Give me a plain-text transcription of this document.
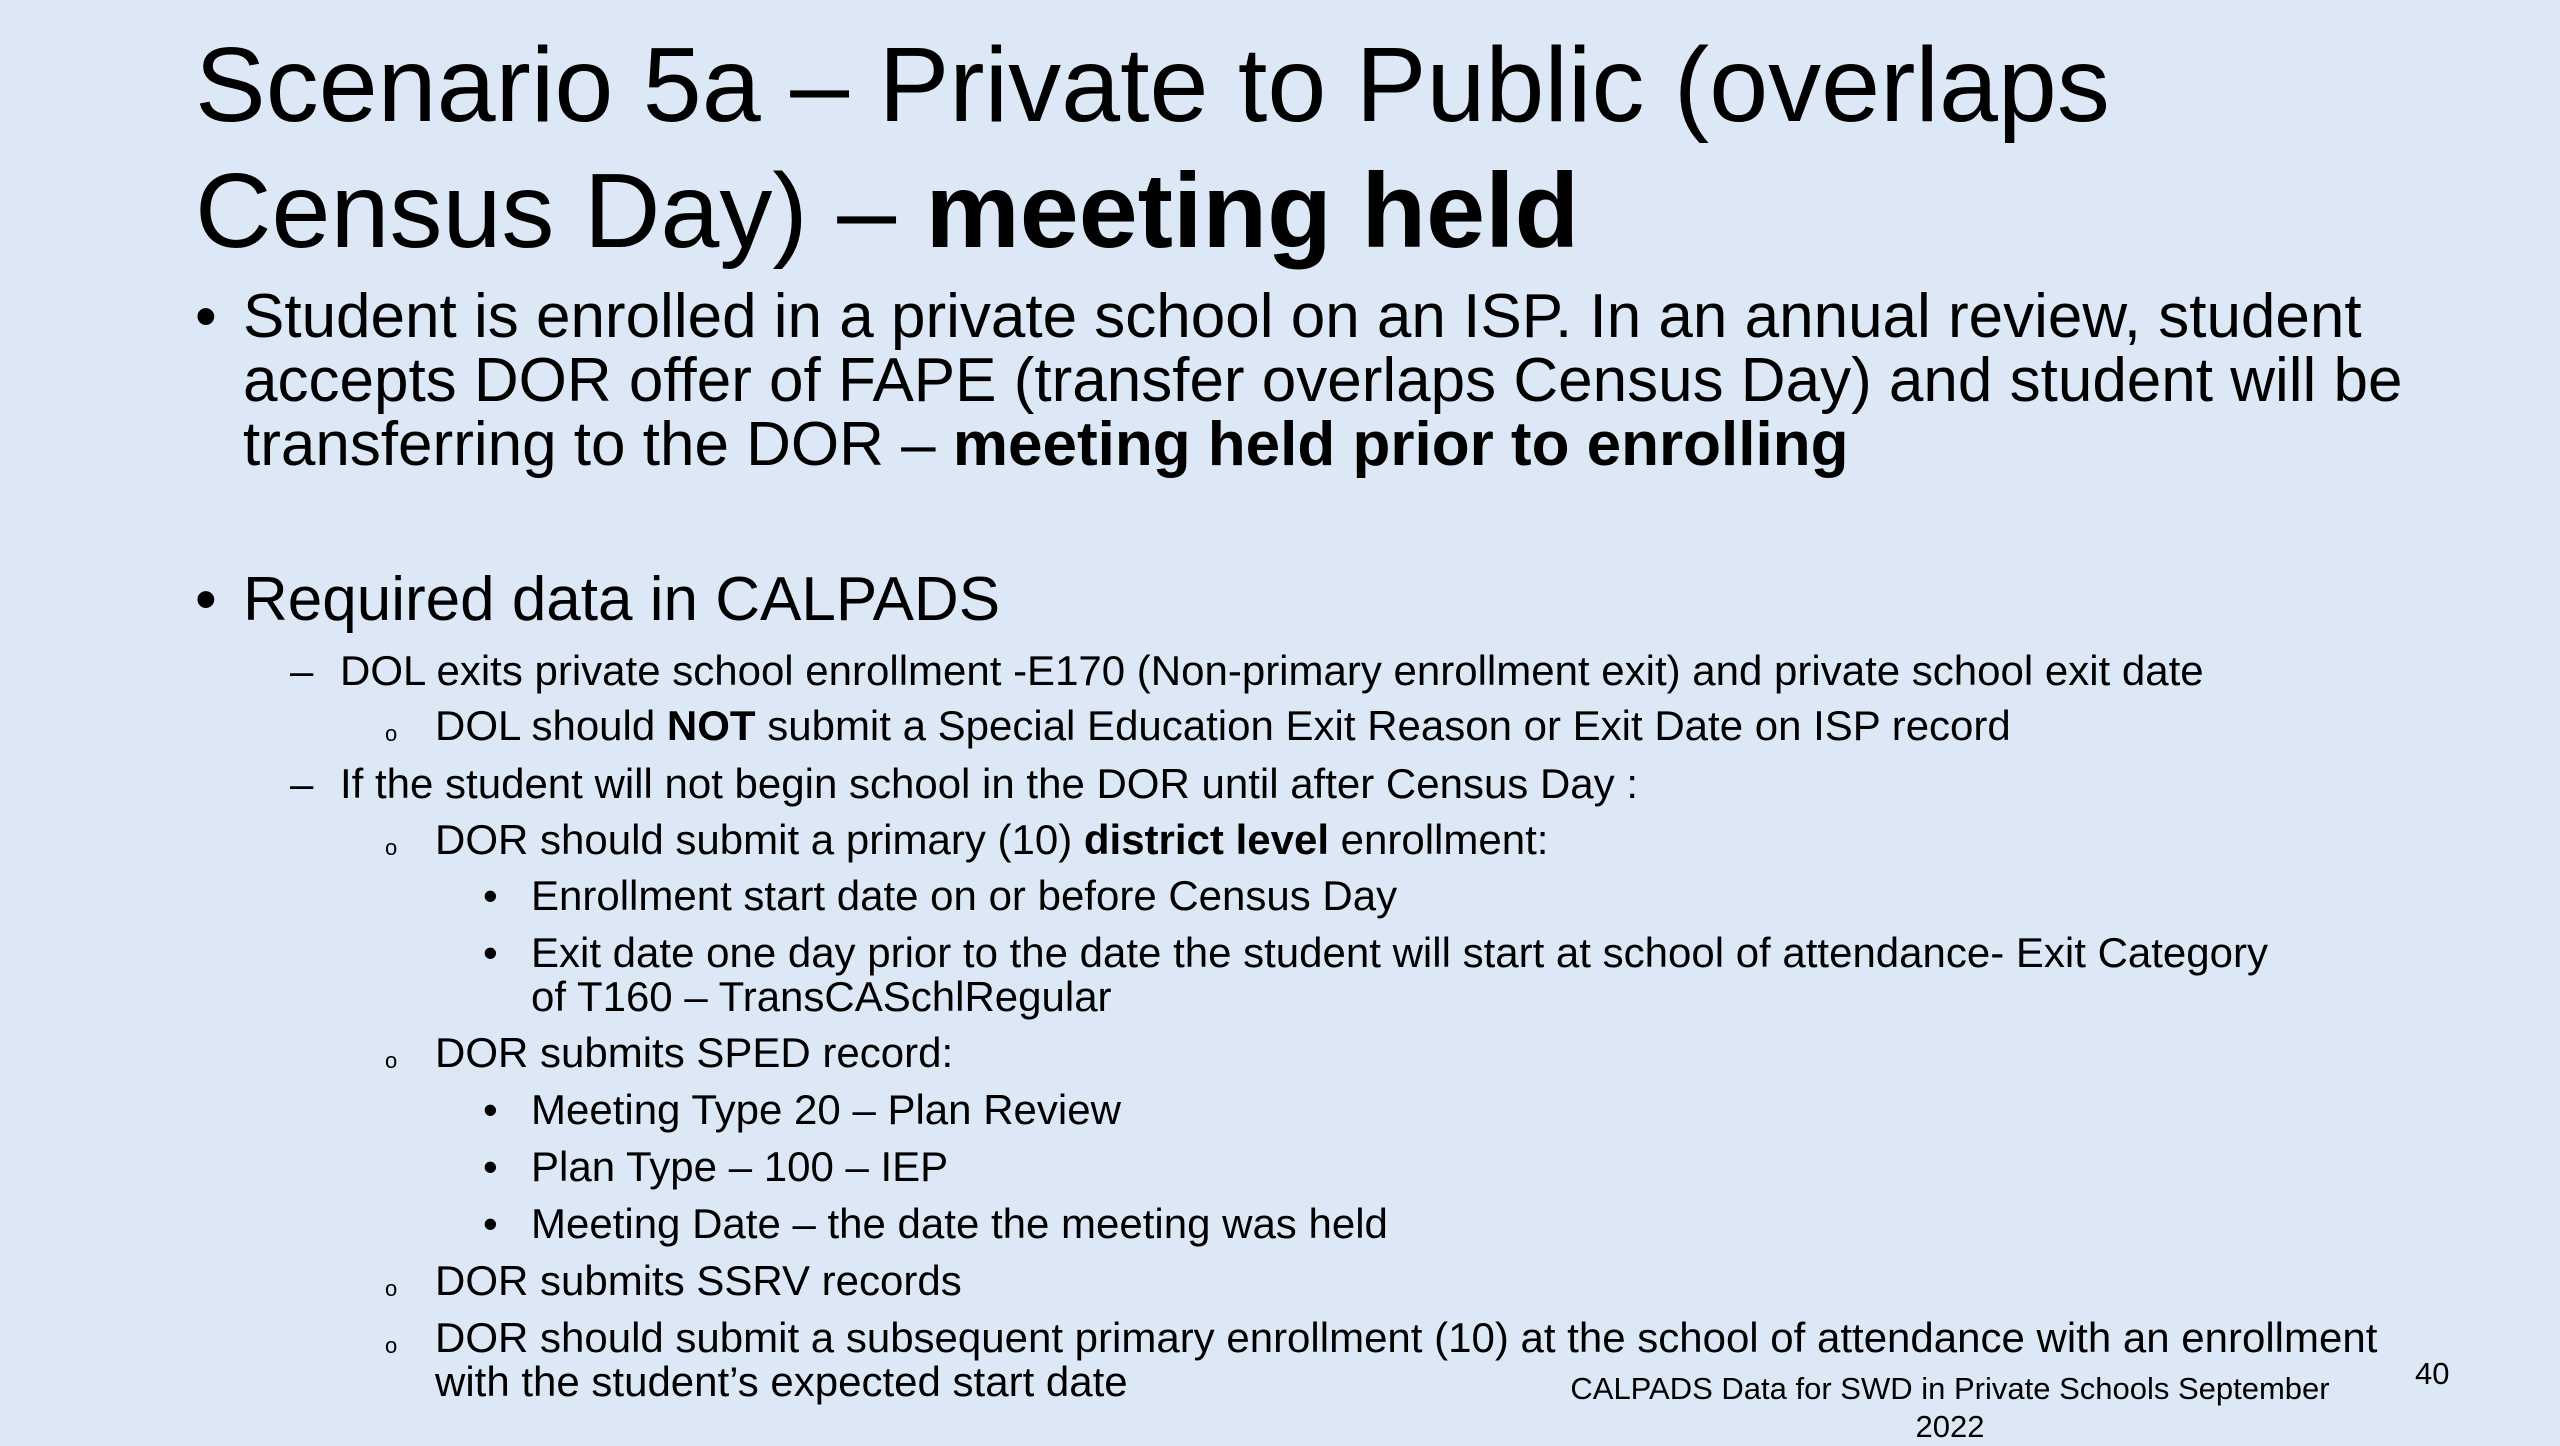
Scenario 5a – Private to Public (overlaps
Census Day) – meeting held
• Student is enrolled in a private school on an ISP. In an annual review, student accepts DOR offer of FAPE (transfer overlaps Census Day) and student will be transferring to the DOR – meeting held prior to enrolling
• Required data in CALPADS
– DOL exits private school enrollment -E170 (Non-primary enrollment exit) and private school exit date
o DOL should NOT submit a Special Education Exit Reason or Exit Date on ISP record
– If the student will not begin school in the DOR until after Census Day :
o DOR should submit a primary (10) district level enrollment:
• Enrollment start date on or before Census Day
• Exit date one day prior to the date the student will start at school of attendance- Exit Category of T160 – TransCASchlRegular
o DOR submits SPED record:
• Meeting Type 20 – Plan Review
• Plan Type – 100 – IEP
• Meeting Date – the date the meeting was held
o DOR submits SSRV records
o DOR should submit a subsequent primary enrollment (10) at the school of attendance with an enrollment with the student’s expected start date	CALPADS Data for SWD in Private Schools September 2022
40
